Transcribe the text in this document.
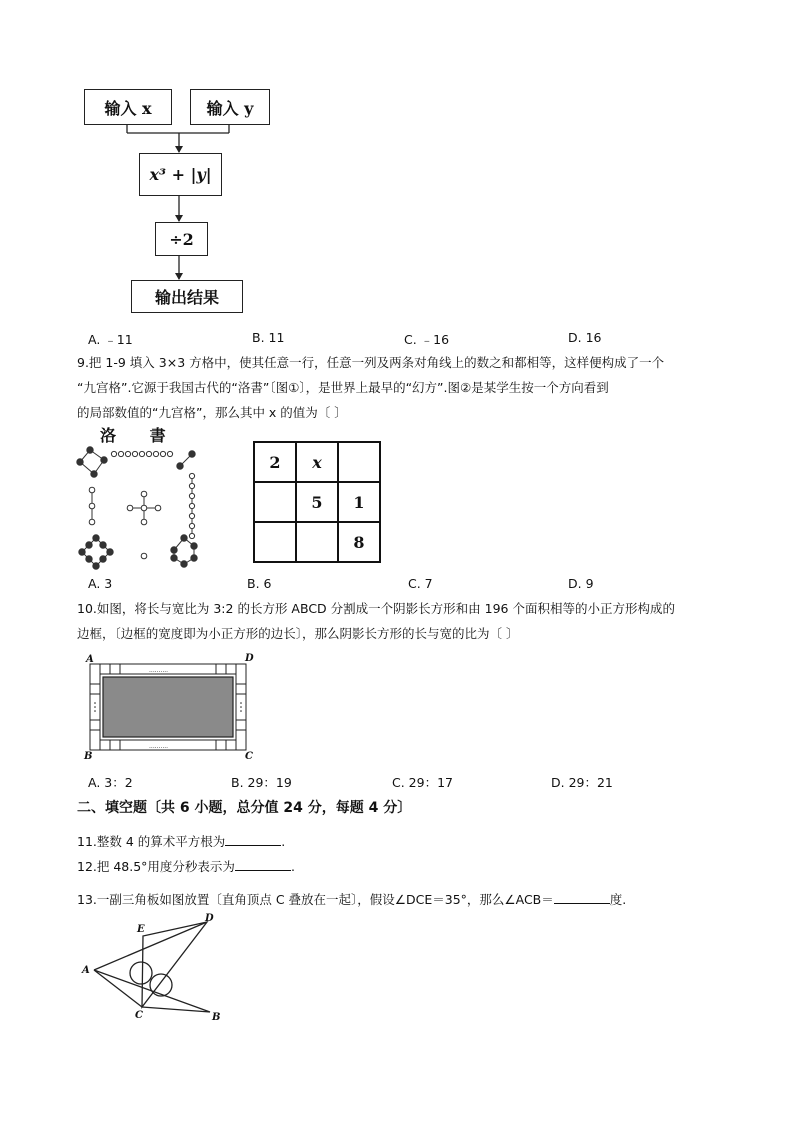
输入 x	输入 y
x³ + |y|
÷2
输出结果
A. ﹣11	B. 11	C. ﹣16	D. 16
9.把 1-9 填入 3×3 方格中，使其任意一行，任意一列及两条对角线上的数之和都相等，这样便构成了一个
“九宫格”.它源于我国古代的“洛書”〔图①〕，是世界上最早的“幻方”.图②是某学生按一个方向看到
的局部数值的“九宫格”，那么其中 x 的值为〔 〕
洛 書
2	x	
	5	1
		8
A. 3	B. 6	C. 7	D. 9
10.如图，将长与宽比为 3:2 的长方形 ABCD 分割成一个阴影长方形和由 196 个面积相等的小正方形构成的
边框，〔边框的宽度即为小正方形的边长〕，那么阴影长方形的长与宽的比为〔 〕
A	D
B	C
..........
..........
A. 3：2	B. 29：19	C. 29：17	D. 29：21
二、填空题〔共 6 小题，总分值 24 分，每题 4 分〕
11.整数 4 的算术平方根为	.
12.把 48.5°用度分秒表示为	.
13.一副三角板如图放置〔直角顶点 C 叠放在一起〕，假设∠DCE＝35°，那么∠ACB＝	度.
E
D
A
C	B
